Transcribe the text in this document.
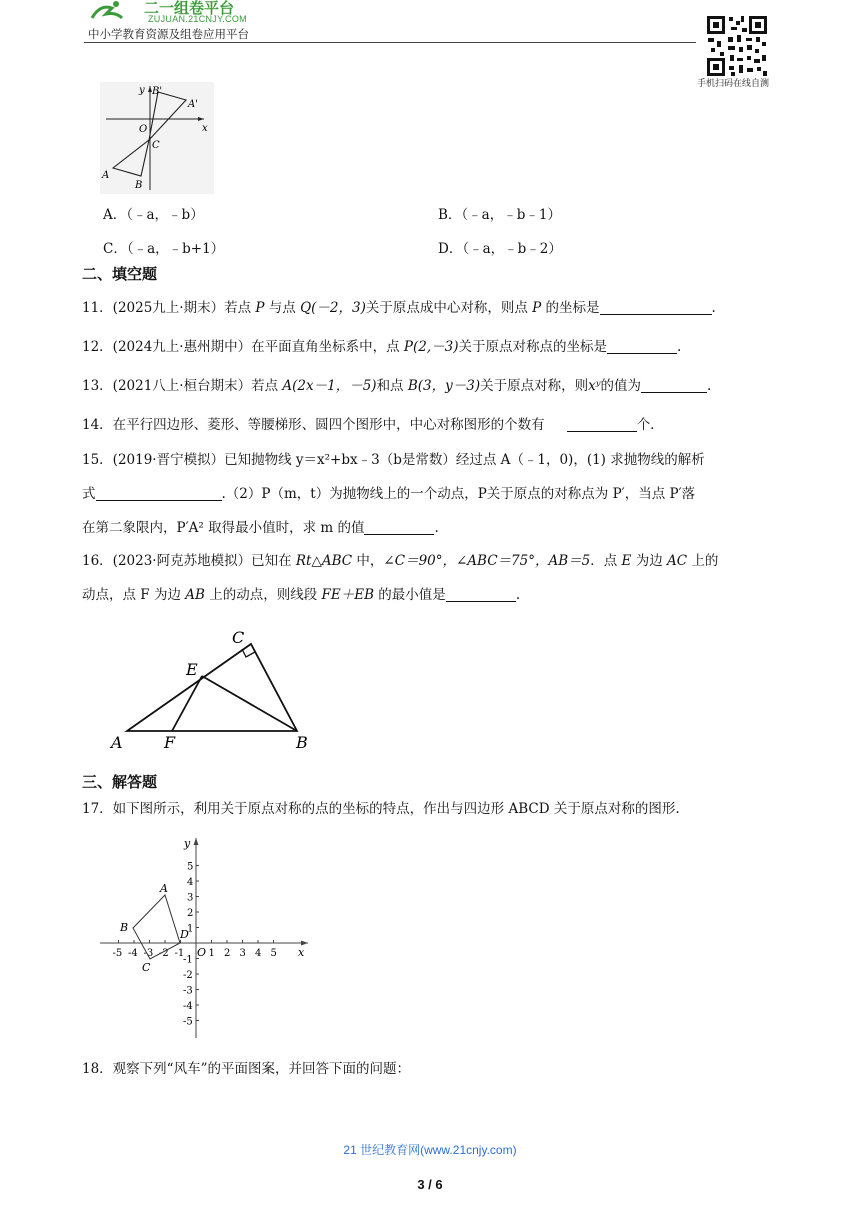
二一组卷平台
ZUJUAN.21CNJY.COM
中小学教育资源及组卷应用平台
手机扫码在线自测
y B'
A'
O	x
C
A
B
A．（﹣a，﹣b）	B．（﹣a，﹣b﹣1）
C．（﹣a，﹣b+1）	D．（﹣a，﹣b﹣2）
二、填空题
11．(2025九上·期末）若点 P 与点 Q(－2，3)关于原点成中心对称，则点 P 的坐标是	.
12．(2024九上·惠州期中）在平面直角坐标系中，点 P(2,－3)关于原点对称点的坐标是	.
13．(2021八上·桓台期末）若点 A(2x－1，－5)和点 B(3，y－3)关于原点对称，则xʸ的值为	.
14．在平行四边形、菱形、等腰梯形、圆四个图形中，中心对称图形的个数有	个.
15．(2019·晋宁模拟）已知抛物线 y＝x²+bx﹣3（b是常数）经过点 A（﹣1，0)，(1) 求抛物线的解析
式	.（2）P（m，t）为抛物线上的一个动点，P关于原点的对称点为 P′，当点 P′落
在第二象限内，P′A² 取得最小值时，求 m 的值	.
16．(2023·阿克苏地模拟）已知在 Rt△ABC 中，∠C＝90°，∠ABC＝75°，AB＝5．点 E 为边 AC 上的
动点，点 F 为边 AB 上的动点，则线段 FE＋EB 的最小值是	.
C
E
A	F	B
三、解答题
17．如下图所示，利用关于原点对称的点的坐标的特点，作出与四边形 ABCD 关于原点对称的图形.
-5 -4 -3 -2 -1 1 2 3 4 5
5
4
3
2
1
-1
-2
-3
-4
-5
y
x
O
A
B
C
D
18．观察下列“风车”的平面图案，并回答下面的问题：
21 世纪教育网(www.21cnjy.com)
3 / 6
